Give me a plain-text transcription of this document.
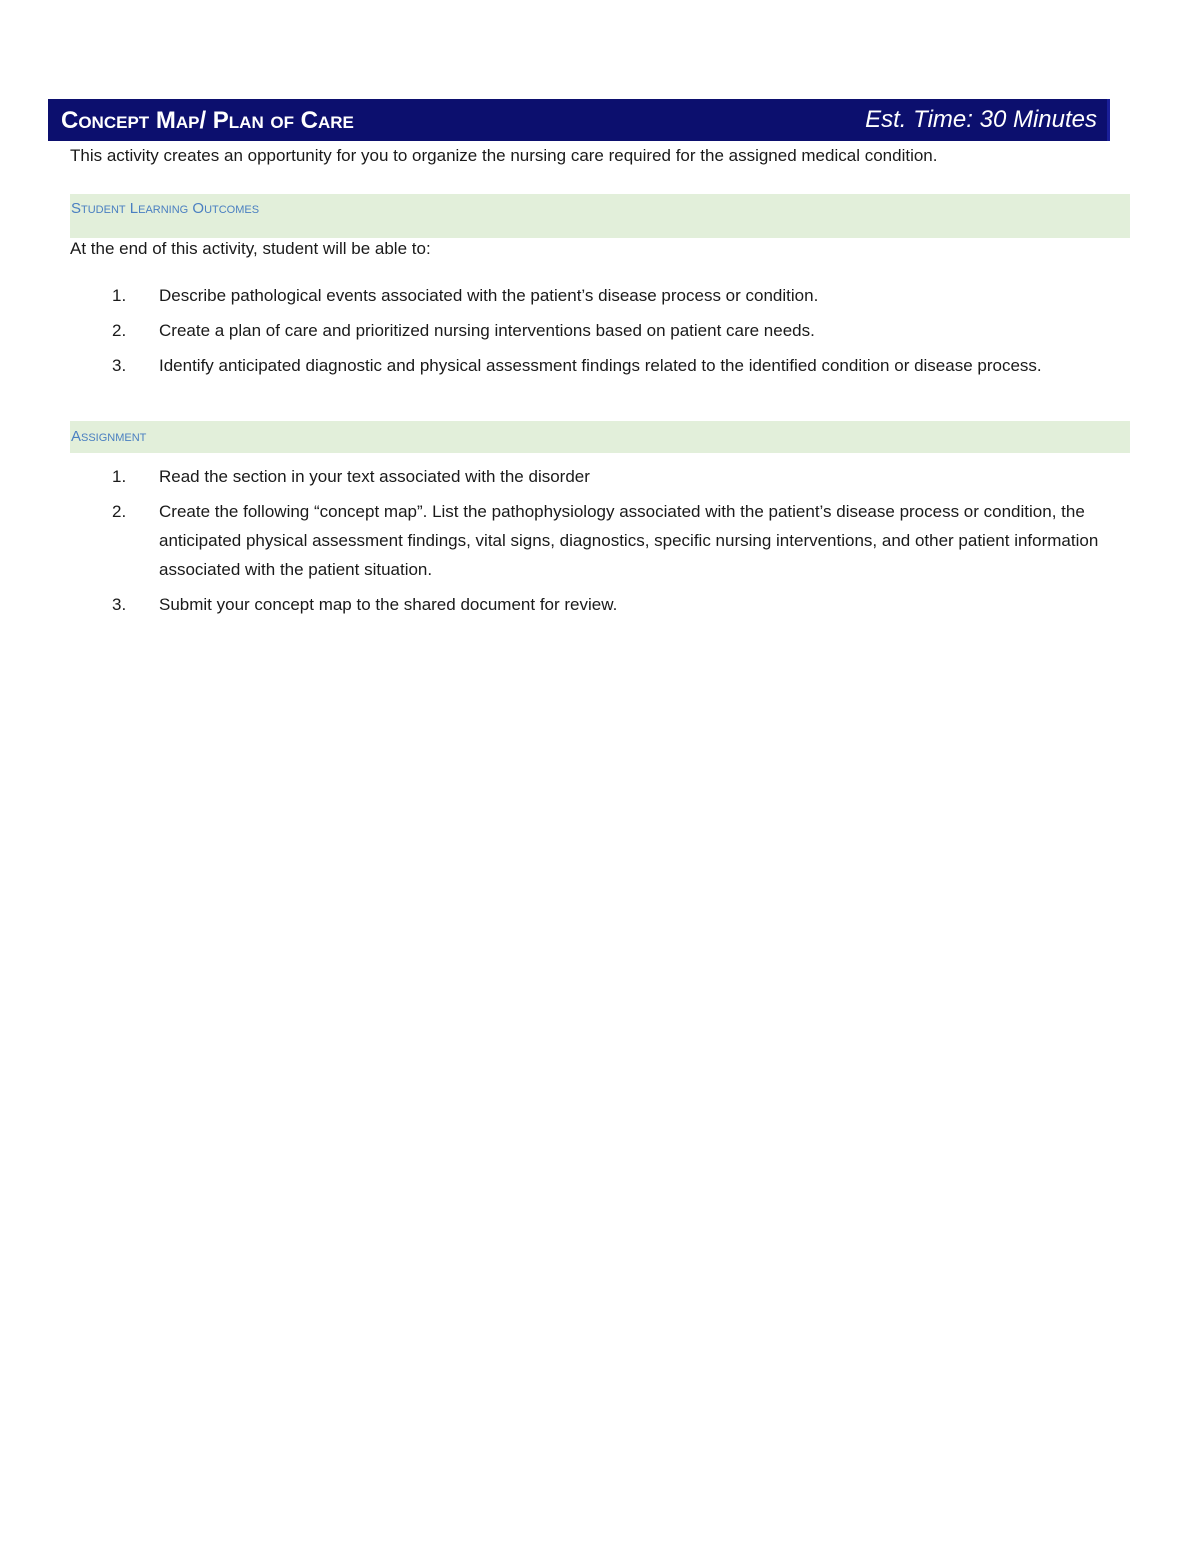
Concept Map/ Plan of Care	Est. Time: 30 Minutes
This activity creates an opportunity for you to organize the nursing care required for the assigned medical condition.
Student Learning Outcomes
At the end of this activity, student will be able to:
1.	Describe pathological events associated with the patient’s disease process or condition.
2.	Create a plan of care and prioritized nursing interventions based on patient care needs.
3.	Identify anticipated diagnostic and physical assessment findings related to the identified condition or disease process.
Assignment
1.	Read the section in your text associated with the disorder
2.	Create the following “concept map”. List the pathophysiology associated with the patient’s disease process or condition, the anticipated physical assessment findings, vital signs, diagnostics, specific nursing interventions, and other patient information associated with the patient situation.
3.	Submit your concept map to the shared document for review.
